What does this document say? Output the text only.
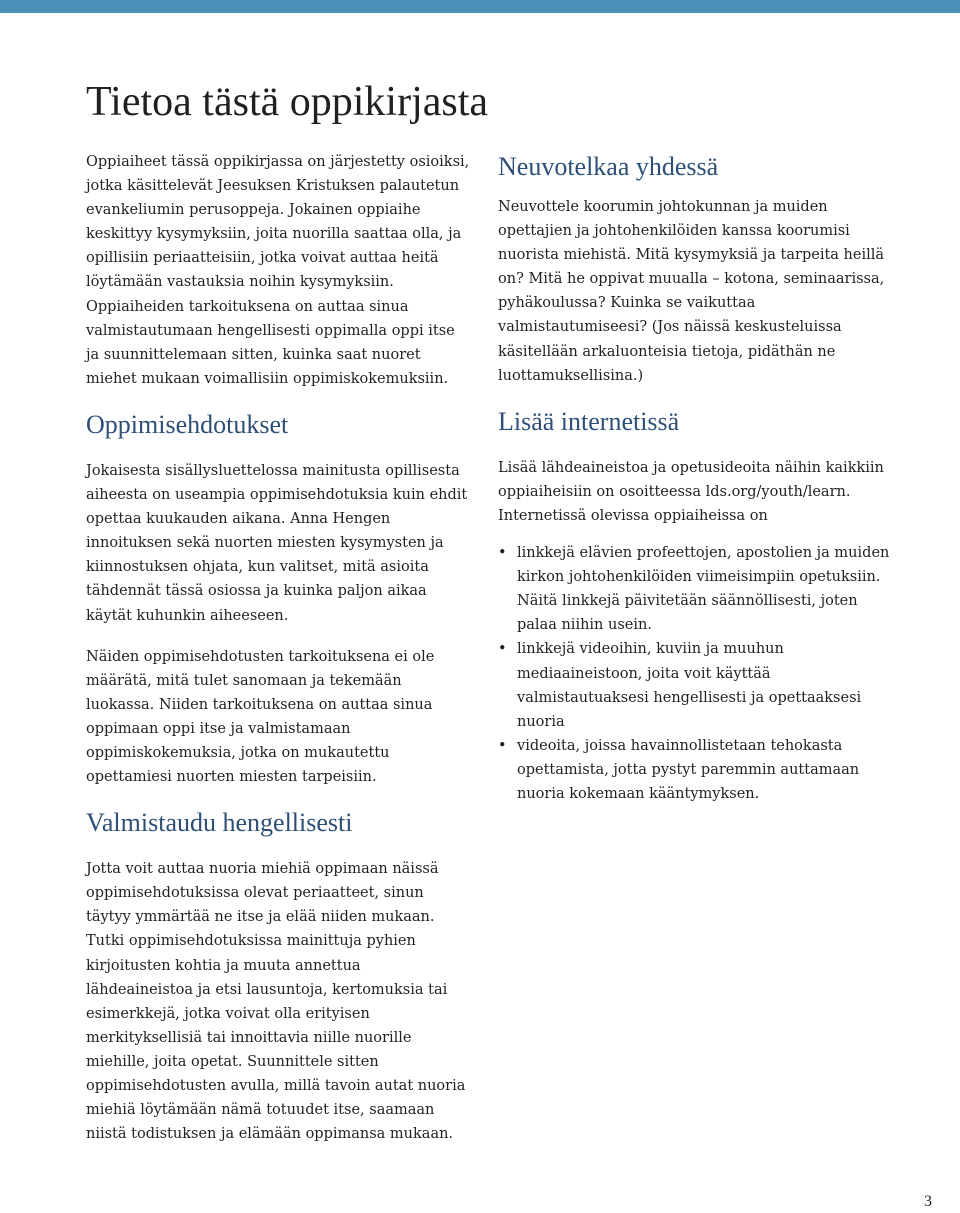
Tietoa tästä oppikirjasta

Oppiaiheet tässä oppikirjassa on järjestetty osioiksi, jotka käsittelevät Jeesuksen Kristuksen palautetun evankeliumin perusoppeja. Jokainen oppiaihe keskittyy kysymyksiin, joita nuorilla saattaa olla, ja opillisiin periaatteisiin, jotka voivat auttaa heitä löytämään vastauksia noihin kysymyksiin. Oppiaiheiden tarkoituksena on auttaa sinua valmistautumaan hengellisesti oppimalla oppi itse ja suunnittelemaan sitten, kuinka saat nuoret miehet mukaan voimallisiin oppimiskokemuksiin.

Oppimisehdotukset

Jokaisesta sisällysluettelossa mainitusta opillisesta aiheesta on useampia oppimisehdotuksia kuin ehdit opettaa kuukauden aikana. Anna Hengen innoituksen sekä nuorten miesten kysymysten ja kiinnostuksen ohjata, kun valitset, mitä asioita tähdennät tässä osiossa ja kuinka paljon aikaa käytät kuhunkin aiheeseen.

Näiden oppimisehdotusten tarkoituksena ei ole määrätä, mitä tulet sanomaan ja tekemään luokassa. Niiden tarkoituksena on auttaa sinua oppimaan oppi itse ja valmistamaan oppimiskokemuksia, jotka on mukautettu opettamiesi nuorten miesten tarpeisiin.

Valmistaudu hengellisesti

Jotta voit auttaa nuoria miehiä oppimaan näissä oppimisehdotuksissa olevat periaatteet, sinun täytyy ymmärtää ne itse ja elää niiden mukaan. Tutki oppimisehdotuksissa mainittuja pyhien kirjoitusten kohtia ja muuta annettua lähdeaineistoa ja etsi lausuntoja, kertomuksia tai esimerkkejä, jotka voivat olla erityisen merkityksellisiä tai innoittavia niille nuorille miehille, joita opetat. Suunnittele sitten oppimisehdotusten avulla, millä tavoin autat nuoria miehiä löytämään nämä totuudet itse, saamaan niistä todistuksen ja elämään oppimansa mukaan.

Neuvotelkaa yhdessä

Neuvottele koorumin johtokunnan ja muiden opettajien ja johtohenkilöiden kanssa koorumisi nuorista miehistä. Mitä kysymyksiä ja tarpeita heillä on? Mitä he oppivat muualla – kotona, seminaarissa, pyhäkoulussa? Kuinka se vaikuttaa valmistautumiseesi? (Jos näissä keskusteluissa käsitellään arkaluonteisia tietoja, pidäthän ne luottamuksellisina.)

Lisää internetissä

Lisää lähdeaineistoa ja opetusideoita näihin kaikkiin oppiaiheisiin on osoitteessa lds.org/youth/learn. Internetissä olevissa oppiaiheissa on

• linkkejä elävien profeettojen, apostolien ja muiden kirkon johtohenkilöiden viimeisimpiin opetuksiin. Näitä linkkejä päivitetään säännöllisesti, joten palaa niihin usein.
• linkkejä videoihin, kuviin ja muuhun mediaaineistoon, joita voit käyttää valmistautuaksesi hengellisesti ja opettaaksesi nuoria
• videoita, joissa havainnollistetaan tehokasta opettamista, jotta pystyt paremmin auttamaan nuoria kokemaan kääntymyksen.
3
